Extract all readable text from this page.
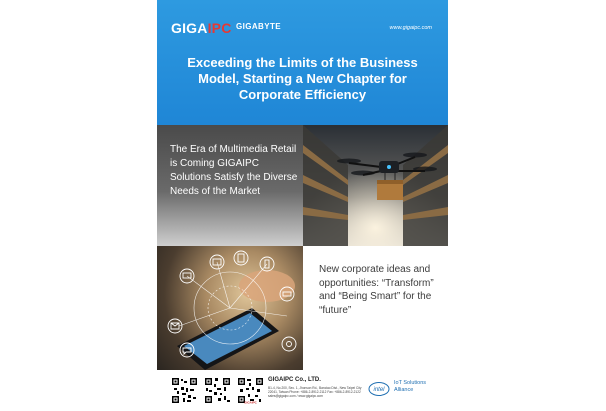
GIGAIPC GIGABYTE	www.gigaipc.com
Exceeding the Limits of the Business Model, Starting a New Chapter for Corporate Efficiency
The Era of Multimedia Retail is Coming GIGAIPC Solutions Satisfy the Diverse Needs of the Market
New corporate ideas and opportunities: “Transform” and “Being Smart” for the “future”
GIGAIPC
GIGAIPC Co., LTD.
B1-4, No.200, Sec. 1, Jhonson Rd., Banciao Dist., New Taipei City 22041, Taiwan Phone: +886-2-8912-2112 Fax: +886-2-8912-2122 sales@gigaipc.com / www.gigaipc.com
intel
IoT Solutions Alliance
